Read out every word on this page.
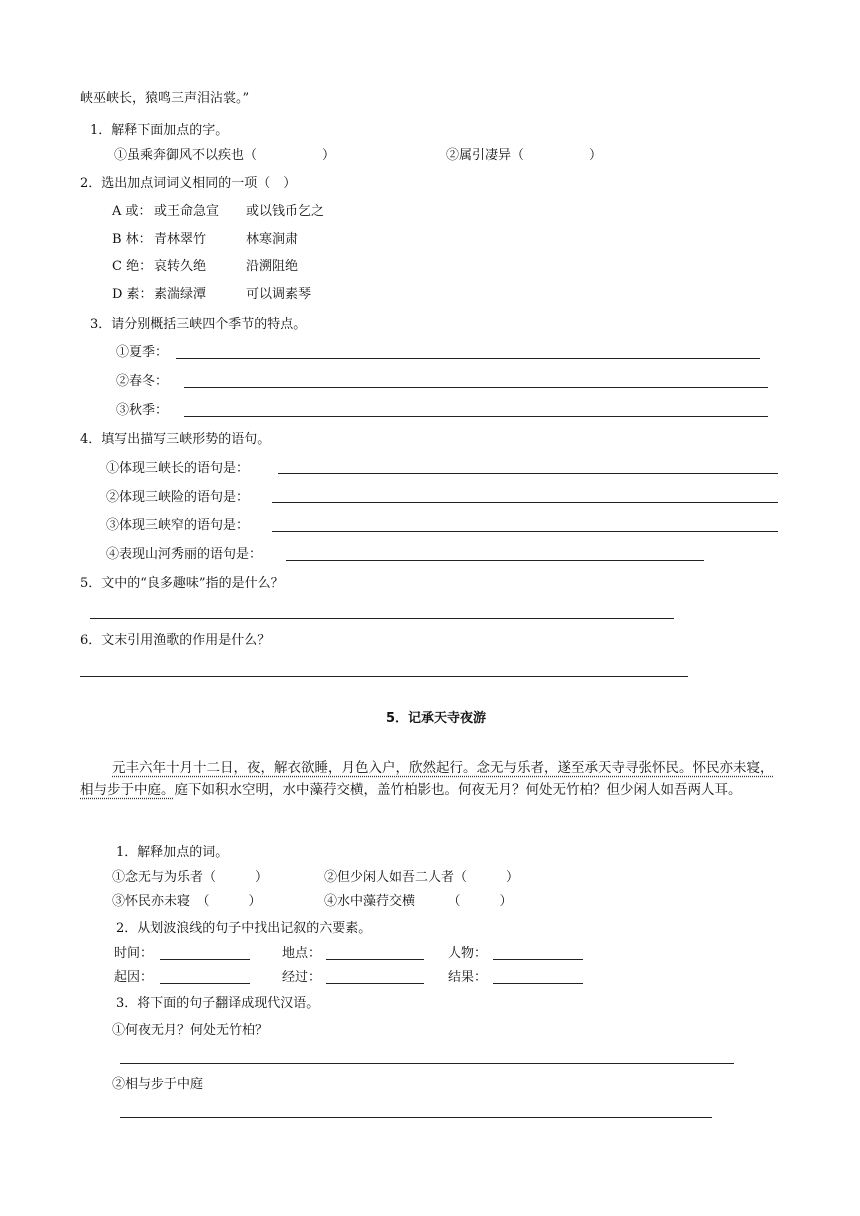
峡巫峡长，猿鸣三声泪沾裳。”
1．解释下面加点的字。
①虽乘奔御风不以疾也（　　　　　）	②属引凄异（　　　　　）
2．选出加点词词义相同的一项（　）
A 或： 或王命急宣 或以钱币乞之
B 林： 青林翠竹	林寒涧肃
C 绝： 哀转久绝	沿溯阻绝
D 素： 素湍绿潭	可以调素琴
3．请分别概括三峡四个季节的特点。
①夏季：
②春冬：
③秋季：
4．填写出描写三峡形势的语句。
①体现三峡长的语句是：
②体现三峡险的语句是：
③体现三峡窄的语句是：
④表现山河秀丽的语句是：
5．文中的“良多趣味”指的是什么？
6．文末引用渔歌的作用是什么？
5．记承天寺夜游
元丰六年十月十二日，夜，解衣欲睡，月色入户，欣然起行。念无与乐者，遂至承天寺寻张怀民。怀民亦未寝，相与步于中庭。庭下如积水空明，水中藻荇交横，盖竹柏影也。何夜无月？何处无竹柏？但少闲人如吾两人耳。
1．解释加点的词。
①念无与为乐者（　　　）	②但少闲人如吾二人者（　　　）
③怀民亦未寝　（　　　）	④水中藻荇交横　　　（　　　）
2．从划波浪线的句子中找出记叙的六要素。
时间：	地点：	人物：
起因：	经过：	结果：
3．将下面的句子翻译成现代汉语。
①何夜无月？何处无竹柏？
②相与步于中庭
